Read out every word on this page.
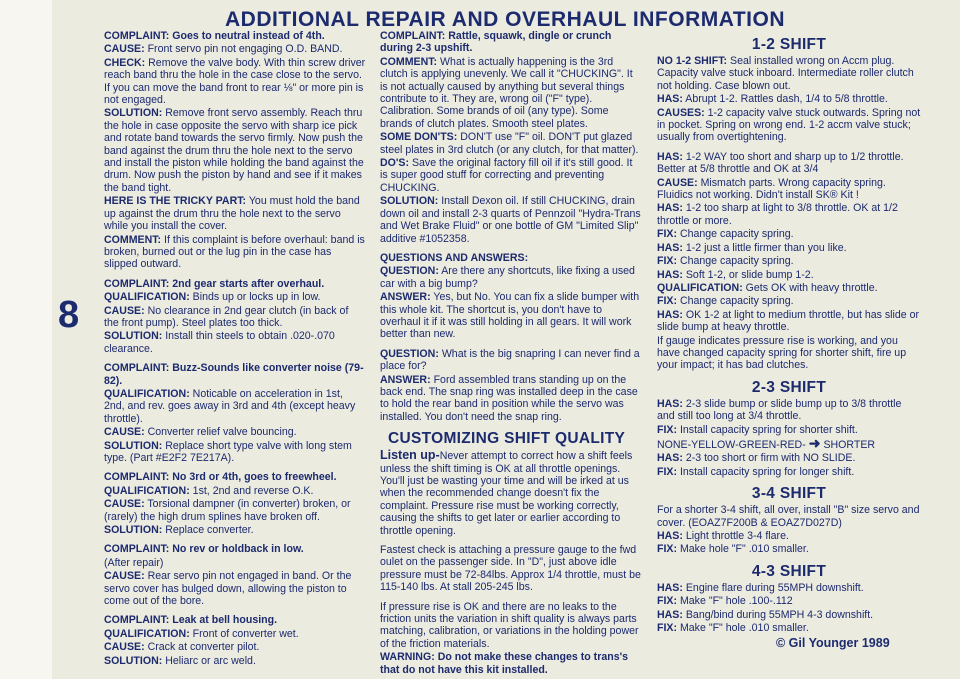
8
ADDITIONAL REPAIR AND OVERHAUL INFORMATION
COMPLAINT: Goes to neutral instead of 4th.
CAUSE: Front servo pin not engaging O.D. BAND.
CHECK: Remove the valve body. With thin screw driver reach band thru the hole in the case close to the servo. If you can move the band front to rear ⅛" or more pin is not engaged.
SOLUTION: Remove front servo assembly. Reach thru the hole in case opposite the servo with sharp ice pick and rotate band towards the servo firmly. Now push the band against the drum thru the hole next to the servo and install the piston while holding the band against the drum. Now push the piston by hand and see if it makes the band tight.
HERE IS THE TRICKY PART: You must hold the band up against the drum thru the hole next to the servo while you install the cover.
COMMENT: If this complaint is before overhaul: band is broken, burned out or the lug pin in the case has slipped outward.
COMPLAINT: 2nd gear starts after overhaul.
QUALIFICATION: Binds up or locks up in low.
CAUSE: No clearance in 2nd gear clutch (in back of the front pump). Steel plates too thick.
SOLUTION: Install thin steels to obtain .020-.070 clearance.
COMPLAINT: Buzz-Sounds like converter noise (79-82).
QUALIFICATION: Noticable on acceleration in 1st, 2nd, and rev. goes away in 3rd and 4th (except heavy throttle).
CAUSE: Converter relief valve bouncing.
SOLUTION: Replace short type valve with long stem type. (Part #E2F2 7E217A).
COMPLAINT: No 3rd or 4th, goes to freewheel.
QUALIFICATION: 1st, 2nd and reverse O.K.
CAUSE: Torsional dampner (in converter) broken, or (rarely) the high drum splines have broken off.
SOLUTION: Replace converter.
COMPLAINT: No rev or holdback in low.
(After repair)
CAUSE: Rear servo pin not engaged in band. Or the servo cover has bulged down, allowing the piston to come out of the bore.
COMPLAINT: Leak at bell housing.
QUALIFICATION: Front of converter wet.
CAUSE: Crack at converter pilot.
SOLUTION: Heliarc or arc weld.
COMPLAINT: Rattle, squawk, dingle or crunch during 2-3 upshift.
COMMENT: What is actually happening is the 3rd clutch is applying unevenly. We call it "CHUCKING". It is not actually caused by anything but several things contribute to it. They are, wrong oil ("F" type). Calibration. Some brands of oil (any type). Some brands of clutch plates. Smooth steel plates.
SOME DON'TS: DON'T use "F" oil. DON'T put glazed steel plates in 3rd clutch (or any clutch, for that matter).
DO'S: Save the original factory fill oil if it's still good. It is super good stuff for correcting and preventing CHUCKING.
SOLUTION: Install Dexon oil. If still CHUCKING, drain down oil and install 2-3 quarts of Pennzoil "Hydra-Trans and Wet Brake Fluid" or one bottle of GM "Limited Slip" additive #1052358.
QUESTIONS AND ANSWERS:
QUESTION: Are there any shortcuts, like fixing a used car with a big bump?
ANSWER: Yes, but No. You can fix a slide bumper with this whole kit. The shortcut is, you don't have to overhaul it if it was still holding in all gears. It will work better than new.
QUESTION: What is the big snapring I can never find a place for?
ANSWER: Ford assembled trans standing up on the back end. The snap ring was installed deep in the case to hold the rear band in position while the servo was installed. You don't need the snap ring.
CUSTOMIZING SHIFT QUALITY
Listen up-Never attempt to correct how a shift feels unless the shift timing is OK at all throttle openings. You'll just be wasting your time and will be irked at us when the recommended change doesn't fix the complaint. Pressure rise must be working correctly, causing the shifts to get later or earlier according to throttle opening.
Fastest check is attaching a pressure gauge to the fwd oulet on the passenger side. In "D", just above idle pressure must be 72-84lbs. Approx 1/4 throttle, must be 115-140 lbs. At stall 205-245 lbs.
If pressure rise is OK and there are no leaks to the friction units the variation in shift quality is always parts matching, calibration, or variations in the holding power of the friction materials.
WARNING: Do not make these changes to trans's that do not have this kit installed.
1-2 SHIFT
NO 1-2 SHIFT: Seal installed wrong on Accm plug. Capacity valve stuck inboard. Intermediate roller clutch not holding. Case blown out.
HAS: Abrupt 1-2. Rattles dash, 1/4 to 5/8 throttle.
CAUSES: 1-2 capacity valve stuck outwards. Spring not in pocket. Spring on wrong end. 1-2 accm valve stuck; usually from overtightening.
HAS: 1-2 WAY too short and sharp up to 1/2 throttle. Better at 5/8 throttle and OK at 3/4
CAUSE: Mismatch parts. Wrong capacity spring. Fluidics not working. Didn't install SK® Kit !
HAS: 1-2 too sharp at light to 3/8 throttle. OK at 1/2 throttle or more.
FIX: Change capacity spring.
HAS: 1-2 just a little firmer than you like.
FIX: Change capacity spring.
HAS: Soft 1-2, or slide bump 1-2.
QUALIFICATION: Gets OK with heavy throttle.
FIX: Change capacity spring.
HAS: OK 1-2 at light to medium throttle, but has slide or slide bump at heavy throttle.
If gauge indicates pressure rise is working, and you have changed capacity spring for shorter shift, fire up your impact; it has bad clutches.
2-3 SHIFT
HAS: 2-3 slide bump or slide bump up to 3/8 throttle and still too long at 3/4 throttle.
FIX: Install capacity spring for shorter shift.
NONE-YELLOW-GREEN-RED- ➜ SHORTER
HAS: 2-3 too short or firm with NO SLIDE.
FIX: Install capacity spring for longer shift.
3-4 SHIFT
For a shorter 3-4 shift, all over, install "B" size servo and cover. (EOAZ7F200B & EOAZ7D027D)
HAS: Light throttle 3-4 flare.
FIX: Make hole "F" .010 smaller.
4-3 SHIFT
HAS: Engine flare during 55MPH downshift.
FIX: Make "F" hole .100-.112
HAS: Bang/bind during 55MPH 4-3 downshift.
FIX: Make "F" hole .010 smaller.
© Gil Younger 1989
